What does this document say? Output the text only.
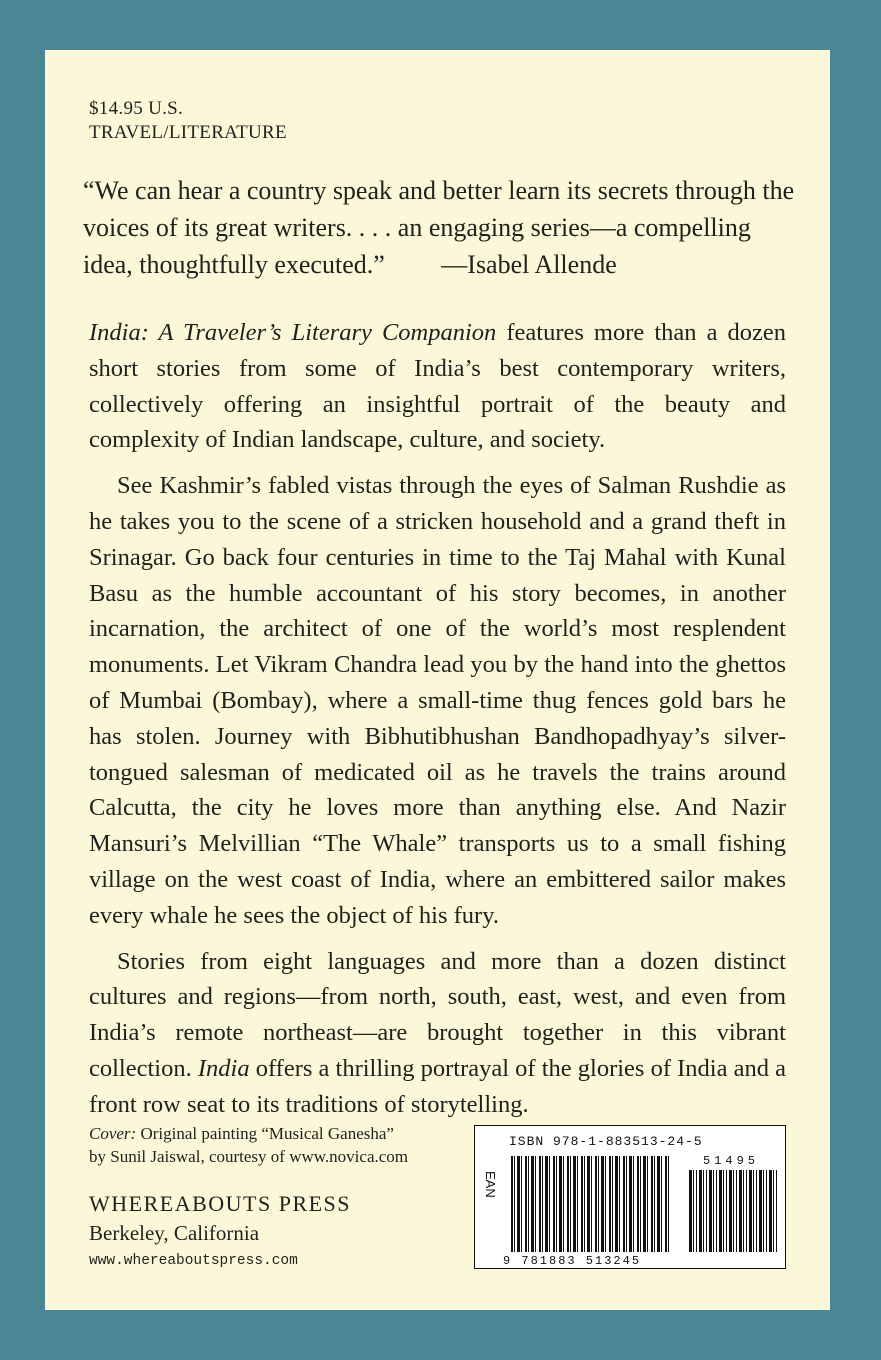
$14.95 U.S.
TRAVEL/LITERATURE
“We can hear a country speak and better learn its secrets through the voices of its great writers. . . . an engaging series—a compelling idea, thoughtfully executed.” —Isabel Allende

India: A Traveler’s Literary Companion features more than a dozen short stories from some of India’s best contemporary writers, collectively offering an insightful portrait of the beauty and complexity of Indian landscape, culture, and society.

See Kashmir’s fabled vistas through the eyes of Salman Rushdie as he takes you to the scene of a stricken household and a grand theft in Srinagar. Go back four centuries in time to the Taj Mahal with Kunal Basu as the humble accountant of his story becomes, in another incarnation, the architect of one of the world’s most resplendent monuments. Let Vikram Chandra lead you by the hand into the ghettos of Mumbai (Bombay), where a small-time thug fences gold bars he has stolen. Journey with Bibhutibhushan Bandhopadhyay’s silver-tongued salesman of medicated oil as he travels the trains around Calcutta, the city he loves more than anything else. And Nazir Mansuri’s Melvillian “The Whale” transports us to a small fishing village on the west coast of India, where an embittered sailor makes every whale he sees the object of his fury.

Stories from eight languages and more than a dozen distinct cultures and regions—from north, south, east, west, and even from India’s remote northeast—are brought together in this vibrant collection. India offers a thrilling portrayal of the glories of India and a front row seat to its traditions of storytelling.

Cover: Original painting “Musical Ganesha”
by Sunil Jaiswal, courtesy of www.novica.com
WHEREABOUTS PRESS
Berkeley, California
www.whereaboutspress.com
ISBN 978-1-883513-24-5
EAN
51495
9 781883 513245
